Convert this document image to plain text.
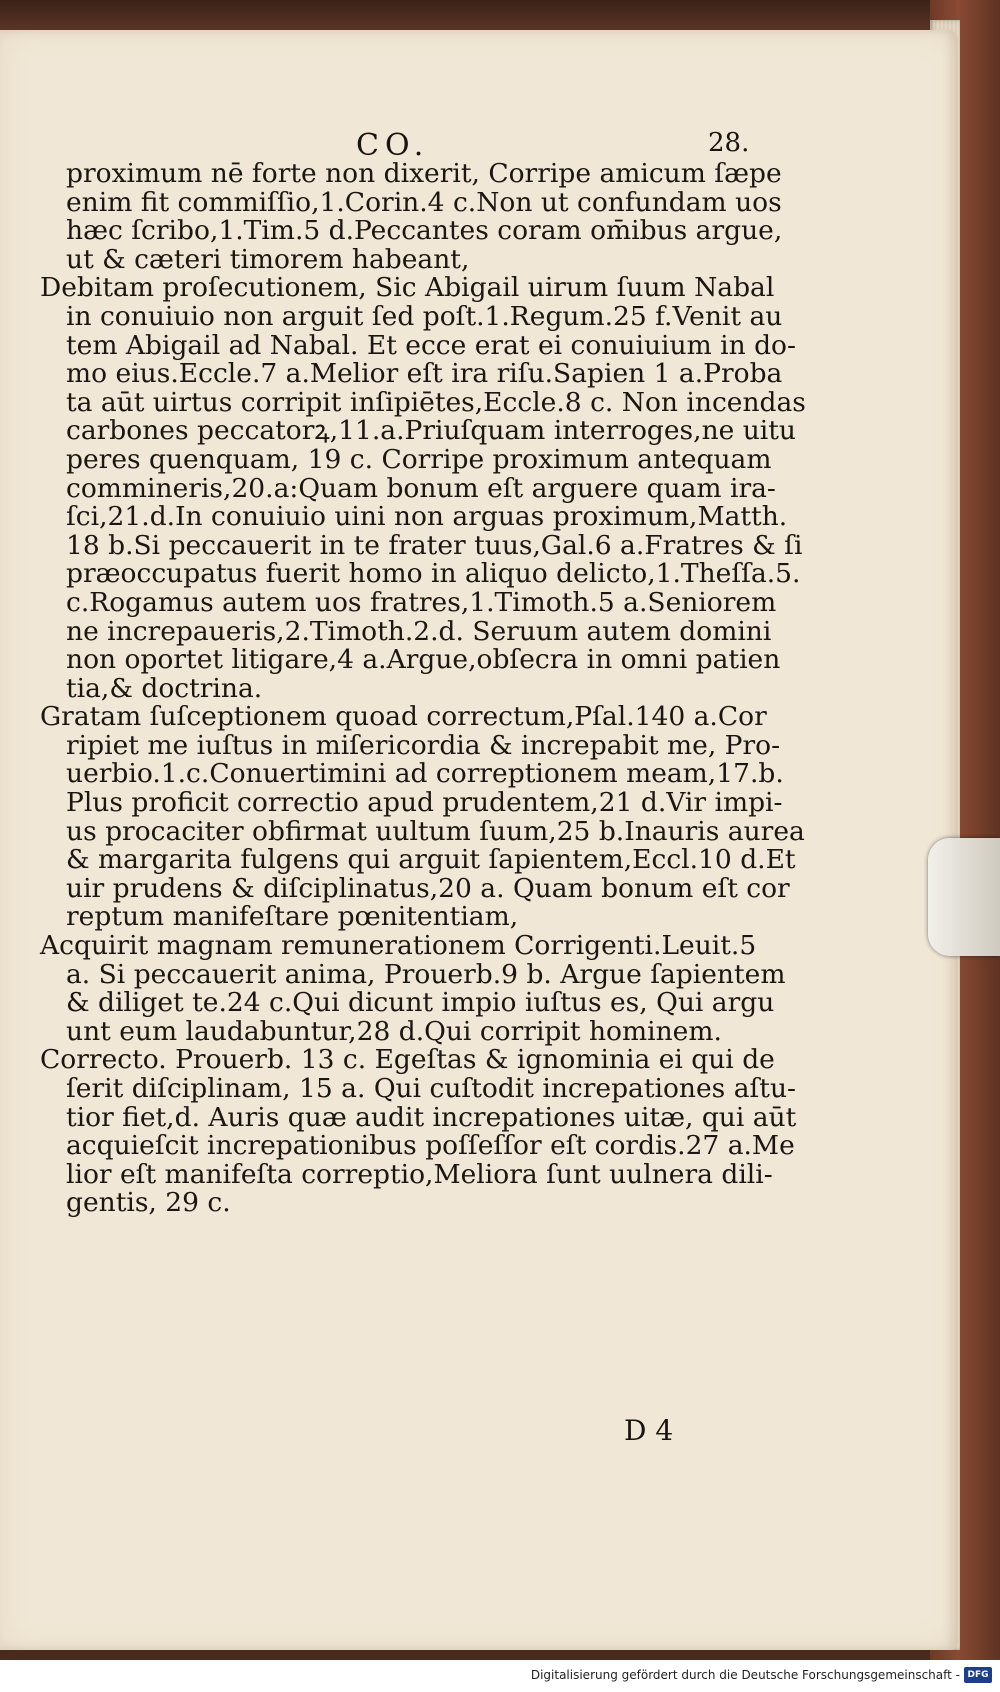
CO.	28.
proximum nē forte non dixerit, Corripe amicum ſæpe
enim fit commiſſio,1.Corin.4 c.Non ut confundam uos
hæc ſcribo,1.Tim.5 d.Peccantes coram om̄ibus argue,
ut & cæteri timorem habeant,
Debitam proſecutionem, Sic Abigail uirum ſuum Nabal
in conuiuio non arguit ſed poſt.1.Regum.25 f.Venit au
tem Abigail ad Nabal. Et ecce erat ei conuiuium in do-
mo eius.Eccle.7 a.Melior eſt ira riſu.Sapien 1 a.Proba
ta aūt uirtus corripit inſipiētes,Eccle.8 c. Non incendas
carbones peccatorꝝ,11.a.Priuſquam interroges,ne uitu
peres quenquam, 19 c. Corripe proximum antequam
commineris,20.a:Quam bonum eſt arguere quam ira-
ſci,21.d.In conuiuio uini non arguas proximum,Matth.
18 b.Si peccauerit in te frater tuus,Gal.6 a.Fratres & ſi
præoccupatus fuerit homo in aliquo delicto,1.Theſſa.5.
c.Rogamus autem uos fratres,1.Timoth.5 a.Seniorem
ne increpaueris,2.Timoth.2.d. Seruum autem domini
non oportet litigare,4 a.Argue,obſecra in omni patien
tia,& doctrina.
Gratam ſuſceptionem quoad correctum,Pſal.140 a.Cor
ripiet me iuſtus in miſericordia & increpabit me, Pro-
uerbio.1.c.Conuertimini ad correptionem meam,17.b.
Plus proficit correctio apud prudentem,21 d.Vir impi-
us procaciter obfirmat uultum ſuum,25 b.Inauris aurea
& margarita fulgens qui arguit ſapientem,Eccl.10 d.Et
uir prudens & diſciplinatus,20 a. Quam bonum eſt cor
reptum manifeſtare pœnitentiam,
Acquirit magnam remunerationem Corrigenti.Leuit.5
a. Si peccauerit anima, Prouerb.9 b. Argue ſapientem
& diliget te.24 c.Qui dicunt impio iuſtus es, Qui argu
unt eum laudabuntur,28 d.Qui corripit hominem.
Correcto. Prouerb. 13 c. Egeſtas & ignominia ei qui de
ſerit diſciplinam, 15 a. Qui cuſtodit increpationes aſtu-
tior fiet,d. Auris quæ audit increpationes uitæ, qui aūt
acquieſcit increpationibus poſſeſſor eſt cordis.27 a.Me
lior eſt manifeſta correptio,Meliora ſunt uulnera dili-
gentis, 29 c.
D 4
Digitalisierung gefördert durch die Deutsche Forschungsgemeinschaft - DFG
